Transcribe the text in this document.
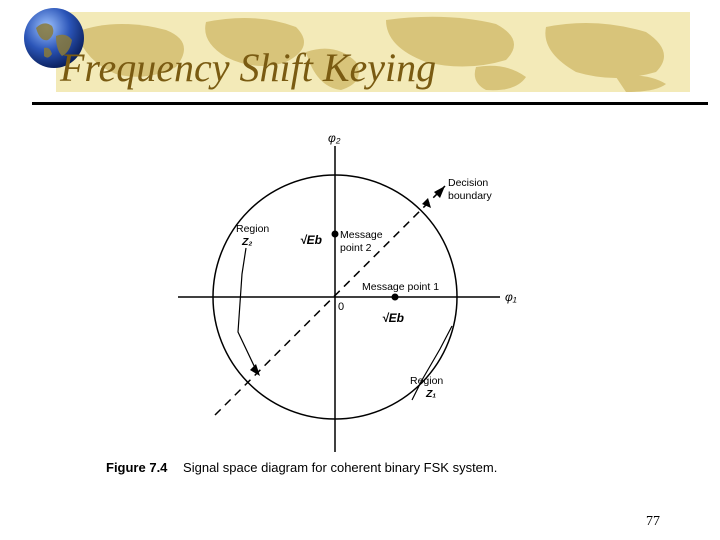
Frequency Shift Keying
φ₂
φ₁
0
Decision boundary
Region Z₂
Region Z₁
Message point 2
√Eb
Message point 1
√Eb
Figure 7.4 Signal space diagram for coherent binary FSK system.
77
